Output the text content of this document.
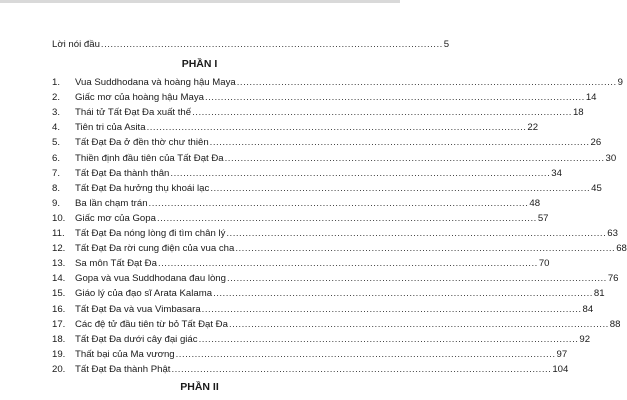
Lời nói đầu ............................................................................................................ 5
PHẦN I
1.	Vua Suddhodana và hoàng hậu Maya ........................................................................................................................ 9
2.	Giấc mơ của hoàng hậu Maya ........................................................................................................................ 14
3.	Thái tử Tất Đạt Đa xuất thế ........................................................................................................................ 18
4.	Tiên tri của Asita ........................................................................................................................ 22
5.	Tất Đạt Đa ở đền thờ chư thiên ........................................................................................................................ 26
6.	Thiền định đầu tiên của Tất Đạt Đa ........................................................................................................................ 30
7.	Tất Đạt Đa thành thân ........................................................................................................................ 34
8.	Tất Đạt Đa hưởng thụ khoái lạc ........................................................................................................................ 45
9.	Ba lần chạm trán ........................................................................................................................ 48
10.	Giấc mơ của Gopa ........................................................................................................................ 57
11.	Tất Đạt Đa nóng lòng đi tìm chân lý ........................................................................................................................ 63
12.	Tất Đạt Đa rời cung điện của vua cha ........................................................................................................................ 68
13.	Sa môn Tất Đạt Đa ........................................................................................................................ 70
14.	Gopa và vua Suddhodana đau lòng ........................................................................................................................ 76
15.	Giáo lý của đạo sĩ Arata Kalama ........................................................................................................................ 81
16.	Tất Đạt Đa và vua Vimbasara ........................................................................................................................ 84
17.	Các đệ tử đầu tiên từ bỏ Tất Đạt Đa ........................................................................................................................ 88
18.	Tất Đạt Đa dưới cây đại giác ........................................................................................................................ 92
19.	Thất bại của Ma vương ........................................................................................................................ 97
20.	Tất Đạt Đa thành Phật ........................................................................................................................ 104
PHẦN II
